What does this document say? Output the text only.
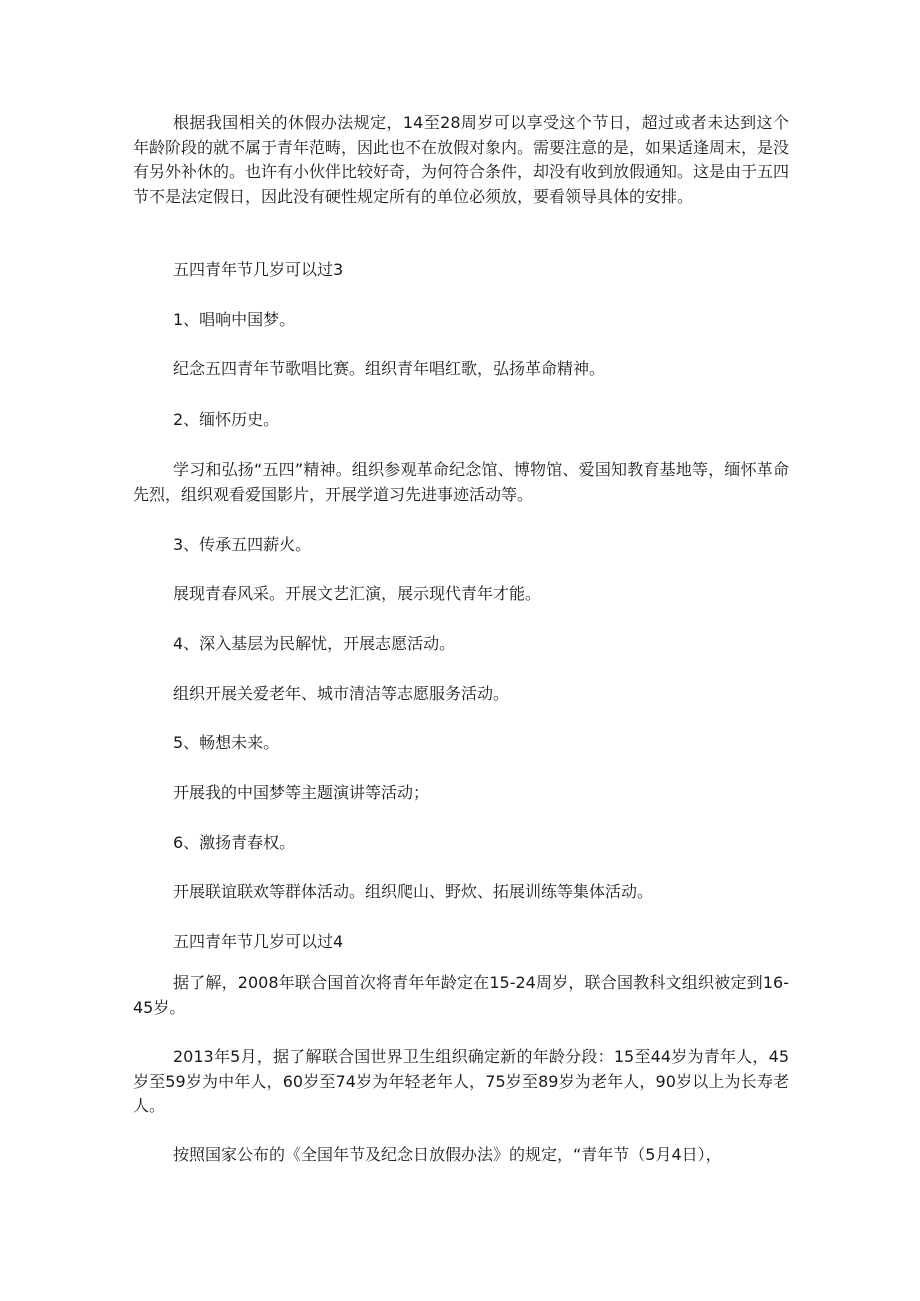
根据我国相关的休假办法规定，14至28周岁可以享受这个节日，超过或者未达到这个年龄阶段的就不属于青年范畴，因此也不在放假对象内。需要注意的是，如果适逢周末，是没有另外补休的。也许有小伙伴比较好奇，为何符合条件，却没有收到放假通知。这是由于五四节不是法定假日，因此没有硬性规定所有的单位必须放，要看领导具体的安排。

五四青年节几岁可以过3

1、唱响中国梦。

纪念五四青年节歌唱比赛。组织青年唱红歌，弘扬革命精神。

2、缅怀历史。

学习和弘扬“五四”精神。组织参观革命纪念馆、博物馆、爱国知教育基地等，缅怀革命先烈，组织观看爱国影片，开展学道习先进事迹活动等。

3、传承五四薪火。

展现青春风采。开展文艺汇演，展示现代青年才能。

4、深入基层为民解忧，开展志愿活动。

组织开展关爱老年、城市清洁等志愿服务活动。

5、畅想未来。

开展我的中国梦等主题演讲等活动；

6、激扬青春权。

开展联谊联欢等群体活动。组织爬山、野炊、拓展训练等集体活动。

五四青年节几岁可以过4

据了解，2008年联合国首次将青年年龄定在15-24周岁，联合国教科文组织被定到16-45岁。

2013年5月，据了解联合国世界卫生组织确定新的年龄分段：15至44岁为青年人，45岁至59岁为中年人，60岁至74岁为年轻老年人，75岁至89岁为老年人，90岁以上为长寿老人。

按照国家公布的《全国年节及纪念日放假办法》的规定，“青年节（5月4日），
